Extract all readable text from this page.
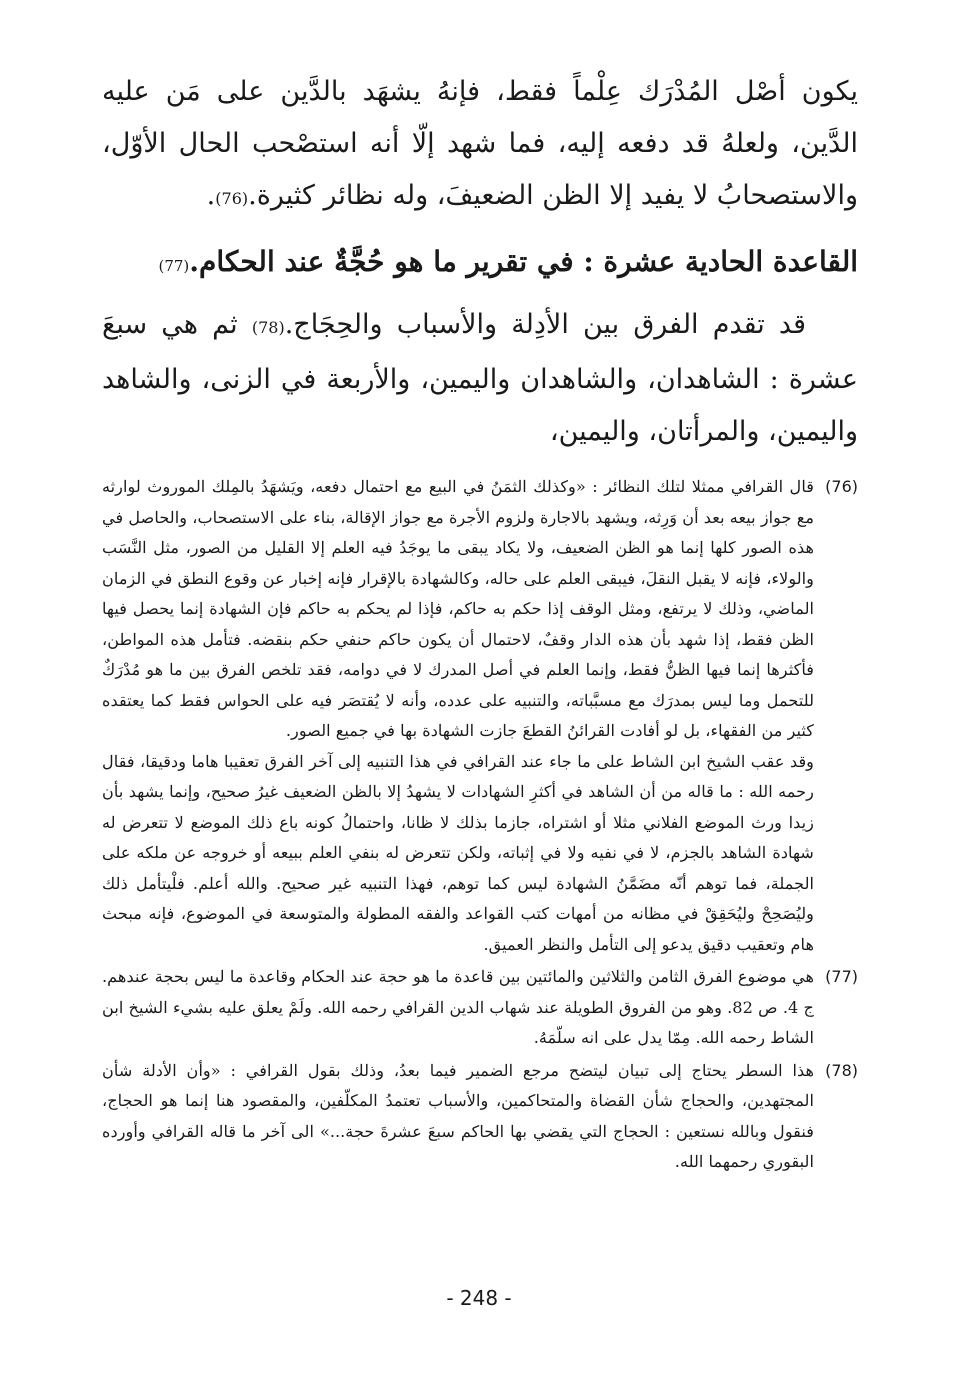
يكون أصْل المُدْرَك عِلْماً فقط، فإنهُ يشهَد بالدَّين على مَن عليه الدَّين، ولعلهُ قد دفعه إليه، فما شهد إلّا أنه استصْحب الحال الأوّل، والاستصحابُ لا يفيد إلا الظن الضعيفَ، وله نظائر كثيرة.(76).

القاعدة الحادية عشرة : في تقرير ما هو حُجَّةٌ عند الحكام.(77)

قد تقدم الفرق بين الأدِلة والأسباب والحِجَاج.(78) ثم هي سبعَ عشرة : الشاهدان، والشاهدان واليمين، والأربعة في الزنى، والشاهد واليمين، والمرأتان، واليمين،

(76)

قال القرافي ممثلا لتلك النظائر : «وكذلك الثمَنُ في البيع مع احتمال دفعه، ويَشهَدُ بالمِلك الموروث لوارثه مع جواز بيعه بعد أن وَرِثه، ويشهد بالاجارة ولزوم الأجرة مع جواز الإقالة، بناء على الاستصحاب، والحاصل في هذه الصور كلها إنما هو الظن الضعيف، ولا يكاد يبقى ما يوجَدُ فيه العلم إلا القليل من الصور، مثل النَّسَب والولاء، فإنه لا يقبل النقلَ، فيبقى العلم على حاله، وكالشهادة بالإقرار فإنه إخبار عن وقوع النطق في الزمان الماضي، وذلك لا يرتفع، ومثل الوقف إذا حكم به حاكم، فإذا لم يحكم به حاكم فإن الشهادة إنما يحصل فيها الظن فقط، إذا شهد بأن هذه الدار وقفٌ، لاحتمال أن يكون حاكم حنفي حكم بنقضه. فتأمل هذه المواطن، فأكثرها إنما فيها الظنُّ فقط، وإنما العلم في أصل المدرك لا في دوامه، فقد تلخص الفرق بين ما هو مُدْرَكٌ للتحمل وما ليس بمدرَك مع مسبَّباته، والتنبيه على عدده، وأنه لا يُقتصَر فيه على الحواس فقط كما يعتقده كثير من الفقهاء، بل لو أفادت القرائنُ القطعَ جازت الشهادة بها في جميع الصور.

وقد عقب الشيخ ابن الشاط على ما جاء عند القرافي في هذا التنبيه إلى آخر الفرق تعقيبا هاما ودقيقا، فقال رحمه الله : ما قاله من أن الشاهد في أكثرِ الشهادات لا يشهدُ إلا بالظن الضعيف غيرُ صحيح، وإنما يشهد بأن زيدا ورث الموضع الفلاني مثلا أو اشتراه، جازما بذلك لا ظانا، واحتمالُ كونه باع ذلك الموضع لا تتعرض له شهادة الشاهد بالجزم، لا في نفيه ولا في إثباته، ولكن تتعرض له بنفي العلم ببيعه أو خروجه عن ملكه على الجملة، فما توهم أنّه مضَمَّنُ الشهادة ليس كما توهم، فهذا التنبيه غير صحيح. والله أعلم. فلْيتأمل ذلك وليُصَحِحْ وليُحَقِقْ في مظانه من أمهات كتب القواعد والفقه المطولة والمتوسعة في الموضوع، فإنه مبحث هام وتعقيب دقيق يدعو إلى التأمل والنظر العميق.

(77)

هي موضوع الفرق الثامن والثلاثين والمائتين بين قاعدة ما هو حجة عند الحكام وقاعدة ما ليس بحجة عندهم. ج 4. ص 82. وهو من الفروق الطويلة عند شهاب الدين القرافي رحمه الله. ولَمْ يعلق عليه بشيء الشيخ ابن الشاط رحمه الله. مِمّا يدل على انه سلّمَهُ.

(78)

هذا السطر يحتاج إلى تبيان ليتضح مرجع الضمير فيما بعدُ، وذلك بقول القرافي : «وأن الأدلة شأن المجتهدين، والحجاج شأن القضاة والمتحاكمين، والأسباب تعتمدُ المكلّفين، والمقصود هنا إنما هو الحجاج، فنقول وبالله نستعين : الحجاج التي يقضي بها الحاكم سبعَ عشرةَ حجة...» الى آخر ما قاله القرافي وأورده البقوري رحمهما الله.

- 248 -
